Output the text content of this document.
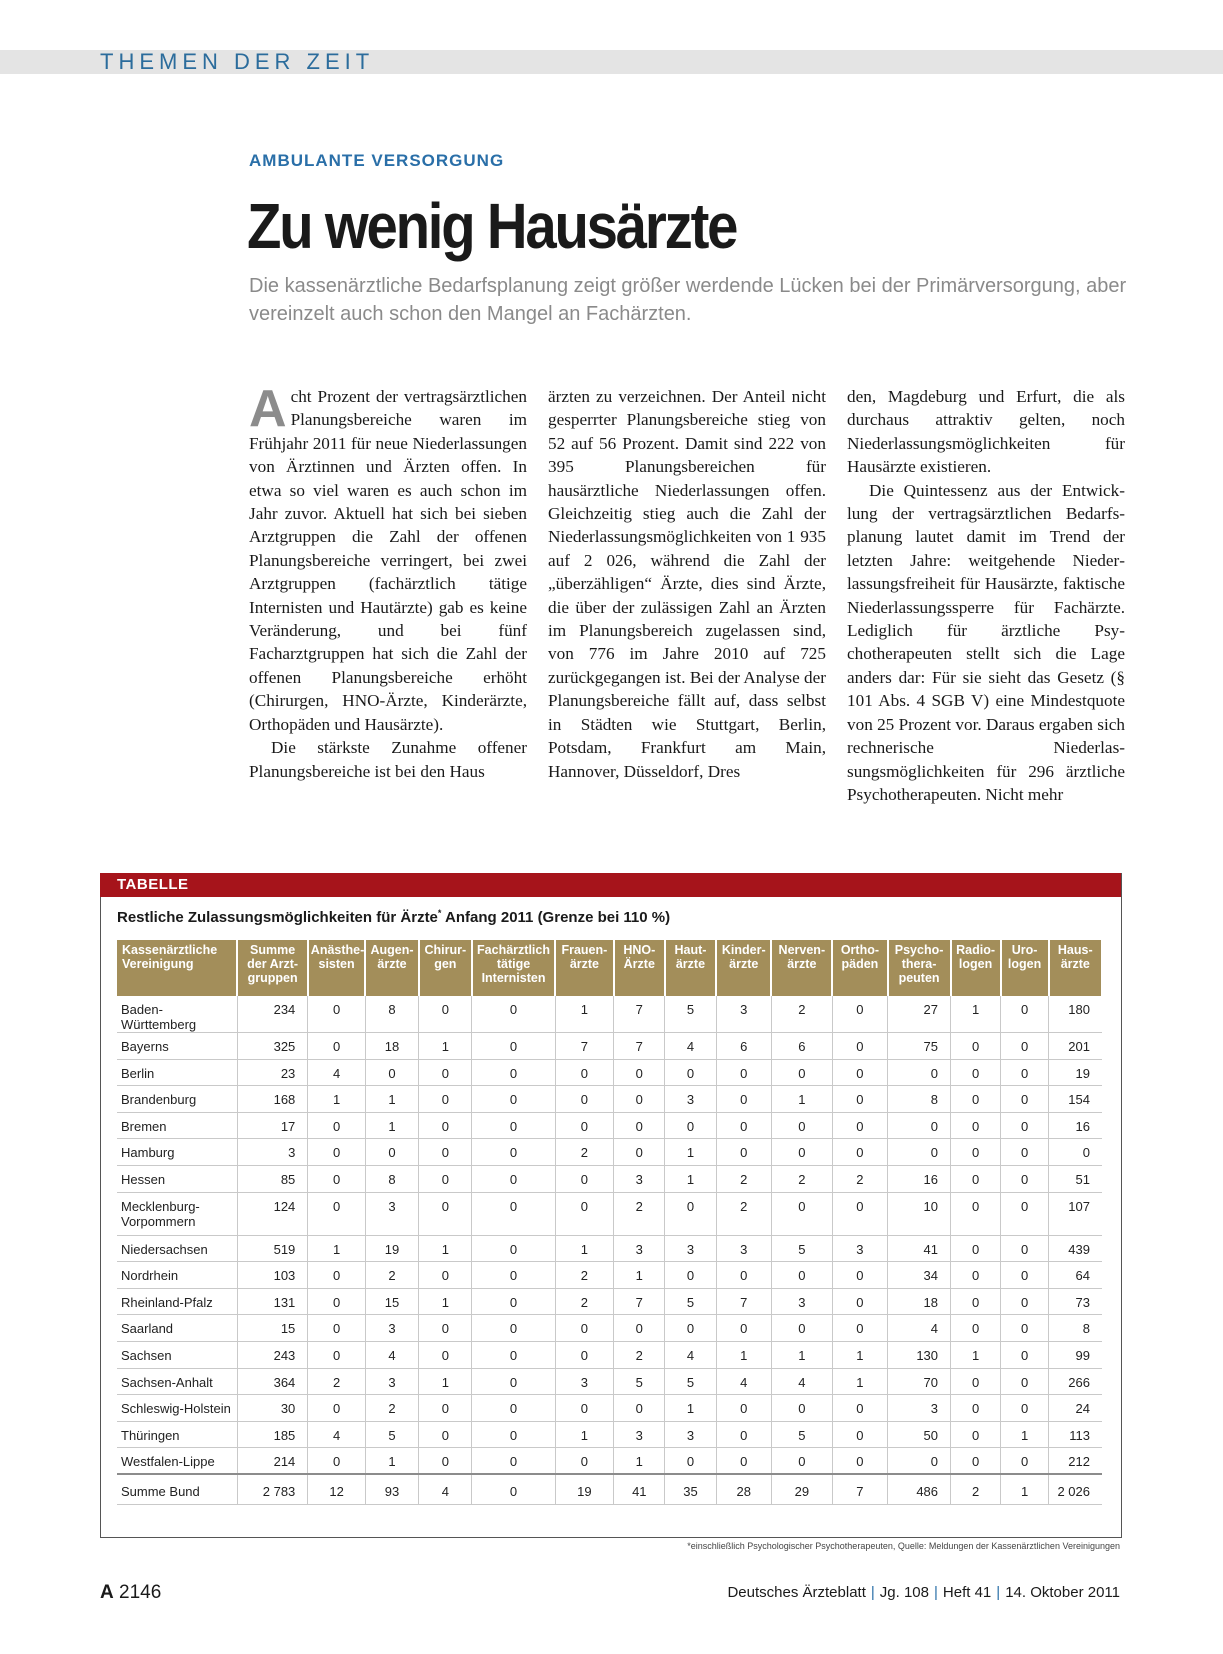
THEMEN DER ZEIT
AMBULANTE VERSORGUNG
Zu wenig Hausärzte
Die kassenärztliche Bedarfsplanung zeigt größer werdende Lücken bei der Primärversorgung, aber vereinzelt auch schon den Mangel an Fachärzten.

Acht Prozent der vertragsärztlichen Planungsbereiche waren im Frühjahr 2011 für neue Niederlassungen von Ärztinnen und Ärzten offen. In etwa so viel waren es auch schon im Jahr zuvor. Aktuell hat sich bei sieben Arztgruppen die Zahl der offenen Planungsbereiche verringert, bei zwei Arztgruppen (fachärztlich tätige Internisten und Hautärzte) gab es keine Veränderung, und bei fünf Facharztgruppen hat sich die Zahl der offenen Planungsbereiche erhöht (Chirurgen, HNO-Ärzte, Kinderärzte, Orthopäden und Hausärzte).

Die stärkste Zunahme offener Planungsbereiche ist bei den Haus

ärzten zu verzeichnen. Der Anteil nicht gesperrter Planungsbereiche stieg von 52 auf 56 Prozent. Damit sind 222 von 395 Planungsbereichen für hausärztliche Niederlassungen offen. Gleichzeitig stieg auch die Zahl der Niederlassungsmöglichkeiten von 1 935 auf 2 026, während die Zahl der „überzähligen“ Ärzte, dies sind Ärzte, die über der zulässigen Zahl an Ärzten im Planungsbereich zugelassen sind, von 776 im Jahre 2010 auf 725 zurückgegangen ist. Bei der Analyse der Planungsbereiche fällt auf, dass selbst in Städten wie Stuttgart, Berlin, Potsdam, Frankfurt am Main, Hannover, Düsseldorf, Dres

den, Magdeburg und Erfurt, die als durchaus attraktiv gelten, noch Niederlassungsmöglichkeiten für Hausärzte existieren.

Die Quintessenz aus der Entwicklung der vertragsärztlichen Bedarfsplanung lautet damit im Trend der letzten Jahre: weitgehende Niederlassungsfreiheit für Hausärzte, faktische Niederlassungssperre für Fachärzte. Lediglich für ärztliche Psychotherapeuten stellt sich die Lage anders dar: Für sie sieht das Gesetz (§ 101 Abs. 4 SGB V) eine Mindestquote von 25 Prozent vor. Daraus ergaben sich rechnerische Niederlassungsmöglichkeiten für 296 ärztliche Psychotherapeuten. Nicht mehr

TABELLE
Restliche Zulassungsmöglichkeiten für Ärzte* Anfang 2011 (Grenze bei 110 %)
Kassenärztliche Vereinigung	Summe der Arztgruppen	Anästhesisten	Augenärzte	Chirurgen	Fachärztlich tätige Internisten	Frauenärzte	HNO-Ärzte	Hautärzte	Kinderärzte	Nervenärzte	Orthopäden	Psychotherapeuten	Radiologen	Urologen	Hausärzte
Baden-Württemberg	234	0	8	0	0	1	7	5	3	2	0	27	1	0	180
Bayerns	325	0	18	1	0	7	7	4	6	6	0	75	0	0	201
Berlin	23	4	0	0	0	0	0	0	0	0	0	0	0	0	19
Brandenburg	168	1	1	0	0	0	0	3	0	1	0	8	0	0	154
Bremen	17	0	1	0	0	0	0	0	0	0	0	0	0	0	16
Hamburg	3	0	0	0	0	2	0	1	0	0	0	0	0	0	0
Hessen	85	0	8	0	0	0	3	1	2	2	2	16	0	0	51
Mecklenburg-Vorpommern	124	0	3	0	0	0	2	0	2	0	0	10	0	0	107
Niedersachsen	519	1	19	1	0	1	3	3	3	5	3	41	0	0	439
Nordrhein	103	0	2	0	0	2	1	0	0	0	0	34	0	0	64
Rheinland-Pfalz	131	0	15	1	0	2	7	5	7	3	0	18	0	0	73
Saarland	15	0	3	0	0	0	0	0	0	0	0	4	0	0	8
Sachsen	243	0	4	0	0	0	2	4	1	1	1	130	1	0	99
Sachsen-Anhalt	364	2	3	1	0	3	5	5	4	4	1	70	0	0	266
Schleswig-Holstein	30	0	2	0	0	0	0	1	0	0	0	3	0	0	24
Thüringen	185	4	5	0	0	1	3	3	0	5	0	50	0	1	113
Westfalen-Lippe	214	0	1	0	0	0	1	0	0	0	0	0	0	0	212
Summe Bund	2 783	12	93	4	0	19	41	35	28	29	7	486	2	1	2 026
*einschließlich Psychologischer Psychotherapeuten, Quelle: Meldungen der Kassenärztlichen Vereinigungen
A 2146	Deutsches Ärzteblatt | Jg. 108 | Heft 41 | 14. Oktober 2011
